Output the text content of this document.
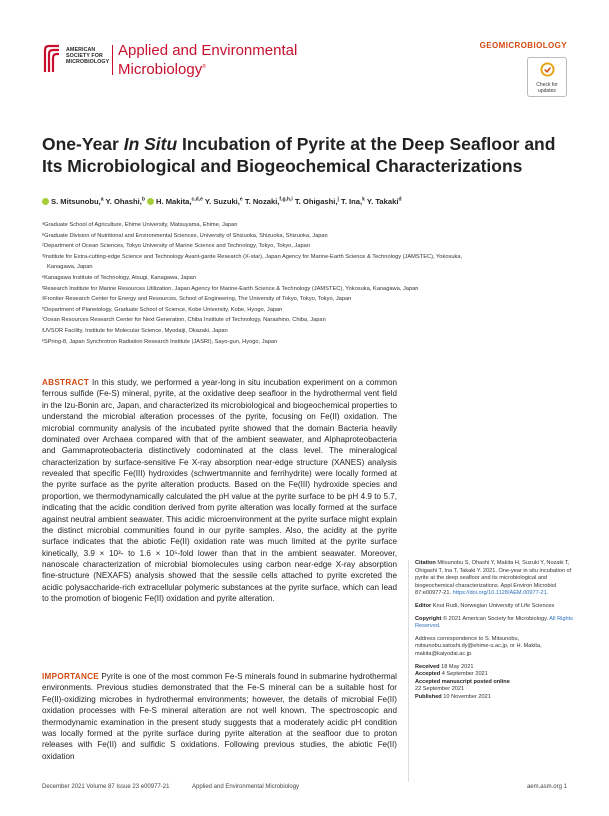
AMERICAN
SOCIETY FOR
MICROBIOLOGY
Applied and Environmental
Microbiology®
GEOMICROBIOLOGY
Check for
updates
One-Year In Situ Incubation of Pyrite at the Deep Seafloor and Its Microbiological and Biogeochemical Characterizations
S. Mitsunobu,$^a$ Y. Ohashi,$^b$ H. Makita,$^{c,d,e}$ Y. Suzuki,$^e$ T. Nozaki,$^{f,g,h,i}$ T. Ohigashi,$^j$ T. Ina,$^k$ Y. Takaki$^d$
ᵃGraduate School of Agriculture, Ehime University, Matsuyama, Ehime, Japan
ᵇGraduate Division of Nutritional and Environmental Sciences, University of Shizuoka, Shizuoka, Shizuoka, Japan
ᶜDepartment of Ocean Sciences, Tokyo University of Marine Science and Technology, Tokyo, Tokyo, Japan
ᵈInstitute for Extra-cutting-edge Science and Technology Avant-garde Research (X-star), Japan Agency for Marine-Earth Science & Technology (JAMSTEC), Yokosuka,
Kanagawa, Japan
ᵉKanagawa Institute of Technology, Atsugi, Kanagawa, Japan
ᶠResearch Institute for Marine Resources Utilization, Japan Agency for Marine-Earth Science & Technology (JAMSTEC), Yokosuka, Kanagawa, Japan
ᵍFrontier Research Center for Energy and Resources, School of Engineering, The University of Tokyo, Tokyo, Tokyo, Japan
ʰDepartment of Planetology, Graduate School of Science, Kobe University, Kobe, Hyogo, Japan
ⁱOcean Resources Research Center for Next Generation, Chiba Institute of Technology, Narashino, Chiba, Japan
ʲUVSOR Facility, Institute for Molecular Science, Myodaiji, Okazaki, Japan
ᵏSPring-8, Japan Synchrotron Radiation Research Institute (JASRI), Sayo-gun, Hyogo, Japan
ABSTRACT In this study, we performed a year-long in situ incubation experiment on a common ferrous sulfide (Fe-S) mineral, pyrite, at the oxidative deep seafloor in the hydrothermal vent field in the Izu-Bonin arc, Japan, and characterized its microbiological and biogeochemical properties to understand the microbial alteration processes of the pyrite, focusing on Fe(II) oxidation. The microbial community analysis of the incubated pyrite showed that the domain Bacteria heavily dominated over Archaea compared with that of the ambient seawater, and Alphaproteobacteria and Gammaproteobacteria distinctively codominated at the class level. The mineralogical characterization by surface-sensitive Fe X-ray absorption near-edge structure (XANES) analysis revealed that specific Fe(III) hydroxides (schwertmannite and ferrihydrite) were locally formed at the pyrite surface as the pyrite alteration products. Based on the Fe(III) hydroxide species and proportion, we thermodynamically calculated the pH value at the pyrite surface to be pH 4.9 to 5.7, indicating that the acidic condition derived from pyrite alteration was locally formed at the surface against neutral ambient seawater. This acidic microenvironment at the pyrite surface might explain the distinct microbial communities found in our pyrite samples. Also, the acidity at the pyrite surface indicates that the abiotic Fe(II) oxidation rate was much limited at the pyrite surface kinetically, 3.9 × 10³- to 1.6 × 10⁵-fold lower than that in the ambient seawater. Moreover, nanoscale characterization of microbial biomolecules using carbon near-edge X-ray absorption fine-structure (NEXAFS) analysis showed that the sessile cells attached to pyrite excreted the acidic polysaccharide-rich extracellular polymeric substances at the pyrite surface, which can lead to the promotion of biogenic Fe(II) oxidation and pyrite alteration.
IMPORTANCE Pyrite is one of the most common Fe-S minerals found in submarine hydrothermal environments. Previous studies demonstrated that the Fe-S mineral can be a suitable host for Fe(II)-oxidizing microbes in hydrothermal environments; however, the details of microbial Fe(II) oxidation processes with Fe-S mineral alteration are not well known. The spectroscopic and thermodynamic examination in the present study suggests that a moderately acidic pH condition was locally formed at the pyrite surface during pyrite alteration at the seafloor due to proton releases with Fe(II) and sulfidic S oxidations. Following previous studies, the abiotic Fe(II) oxidation
Citation Mitsunobu S, Ohashi Y, Makita H, Suzuki Y, Nozaki T, Ohigashi T, Ina T, Takaki Y. 2021. One-year in situ incubation of pyrite at the deep seafloor and its microbiological and biogeochemical characterizations. Appl Environ Microbiol 87:e00977-21. https://doi.org/10.1128/AEM.00977-21.
Editor Knut Rudi, Norwegian University of Life Sciences
Copyright © 2021 American Society for Microbiology. All Rights Reserved.
Address correspondence to S. Mitsunobu, mitsunobu.satoshi.dy@ehime-u.ac.jp, or H. Makita, makita@kaiyodai.ac.jp.
Received 18 May 2021
Accepted 4 September 2021
Accepted manuscript posted online
22 September 2021
Published 10 November 2021
December 2021 Volume 87 Issue 23 e00977-21	Applied and Environmental Microbiology	aem.asm.org 1
